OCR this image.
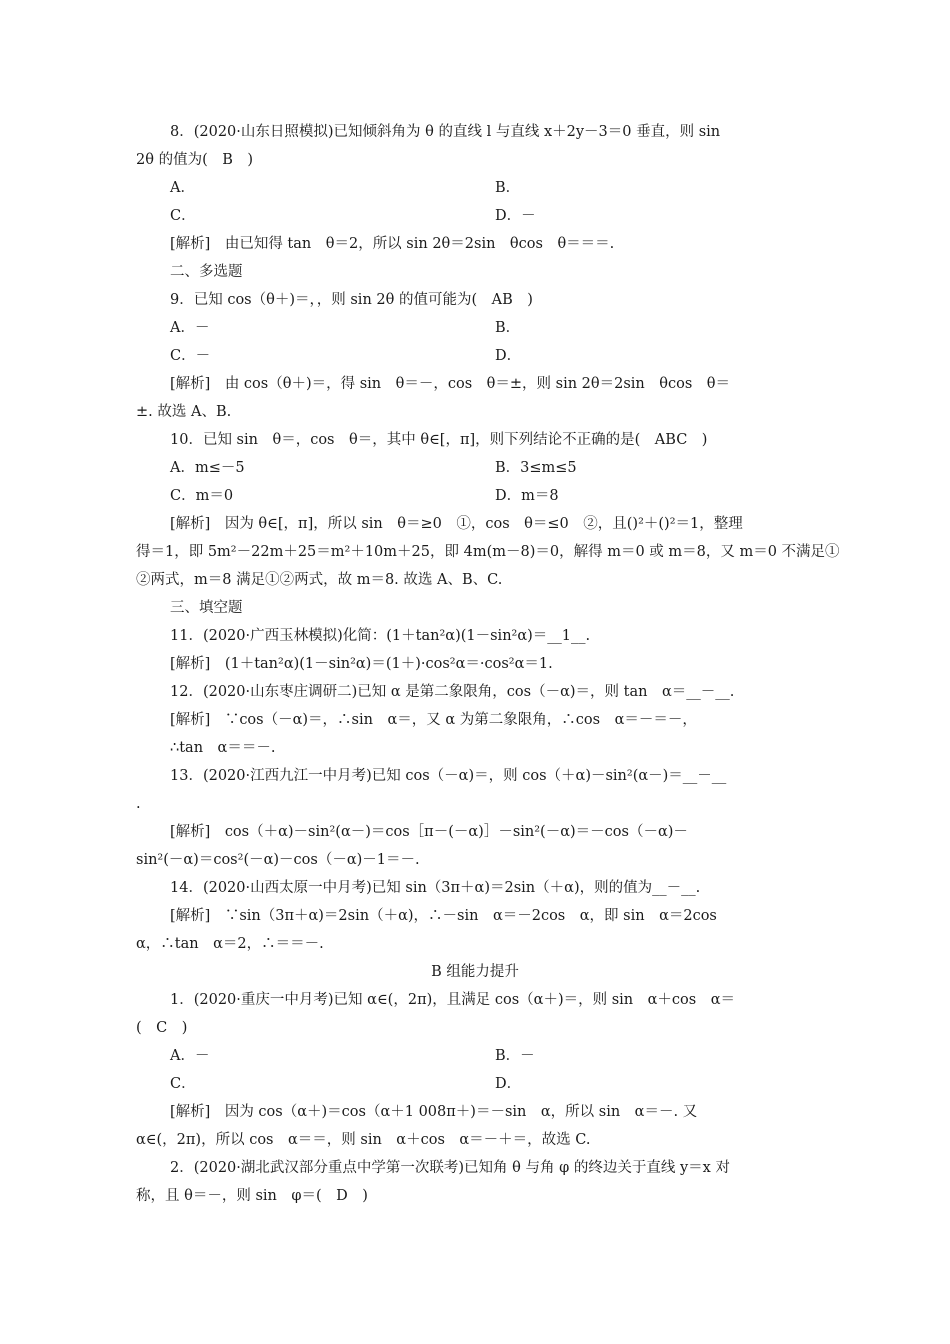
8．(2020·山东日照模拟)已知倾斜角为 θ 的直线 l 与直线 x＋2y－3＝0 垂直，则 sin
2θ 的值为(　B　)
A．	B．
C．	D．－
[解析]　由已知得 tan　θ＝2，所以 sin 2θ＝2sin　θcos　θ＝＝＝.
二、多选题
9．已知 cos（θ＋)＝，，则 sin 2θ 的值可能为(　AB　)
A．－	B．
C．－	D．
[解析]　由 cos（θ＋)＝，得 sin　θ＝－，cos　θ＝±，则 sin 2θ＝2sin　θcos　θ＝
±. 故选 A、B.
10．已知 sin　θ＝，cos　θ＝，其中 θ∈[，π]，则下列结论不正确的是(　ABC　)
A．m≤－5	B．3≤m≤5
C．m＝0	D．m＝8
[解析]　因为 θ∈[，π]，所以 sin　θ＝≥0　①，cos　θ＝≤0　②，且()²＋()²＝1，整理
得＝1，即 5m²－22m＋25＝m²＋10m＋25，即 4m(m－8)＝0，解得 m＝0 或 m＝8，又 m＝0 不满足①
②两式，m＝8 满足①②两式，故 m＝8. 故选 A、B、C.
三、填空题
11．(2020·广西玉林模拟)化简：(1＋tan²α)(1－sin²α)＝__1__.
[解析]　(1＋tan²α)(1－sin²α)＝(1＋)·cos²α＝·cos²α＝1.
12．(2020·山东枣庄调研二)已知 α 是第二象限角，cos（－α)＝，则 tan　α＝__－__.
[解析]　∵cos（－α)＝，∴sin　α＝，又 α 为第二象限角，∴cos　α＝－＝－，
∴tan　α＝＝－.
13．(2020·江西九江一中月考)已知 cos（－α)＝，则 cos（＋α)－sin²(α－)＝__－__
.
[解析]　cos（＋α)－sin²(α－)＝cos［π－(－α)］－sin²(－α)＝－cos（－α)－
sin²(－α)＝cos²(－α)－cos（－α)－1＝－.
14．(2020·山西太原一中月考)已知 sin（3π＋α)＝2sin（＋α)，则的值为__－__.
[解析]　∵sin（3π＋α)＝2sin（＋α)，∴－sin　α＝－2cos　α，即 sin　α＝2cos
α，∴tan　α＝2，∴＝＝－.
B 组能力提升
1．(2020·重庆一中月考)已知 α∈(，2π)，且满足 cos（α＋)＝，则 sin　α＋cos　α＝
(　C　)
A．－	B．－
C．	D．
[解析]　因为 cos（α＋)＝cos（α＋1 008π＋)＝－sin　α，所以 sin　α＝－. 又
α∈(，2π)，所以 cos　α＝＝，则 sin　α＋cos　α＝－＋＝，故选 C.
2．(2020·湖北武汉部分重点中学第一次联考)已知角 θ 与角 φ 的终边关于直线 y＝x 对
称，且 θ＝－，则 sin　φ＝(　D　)
